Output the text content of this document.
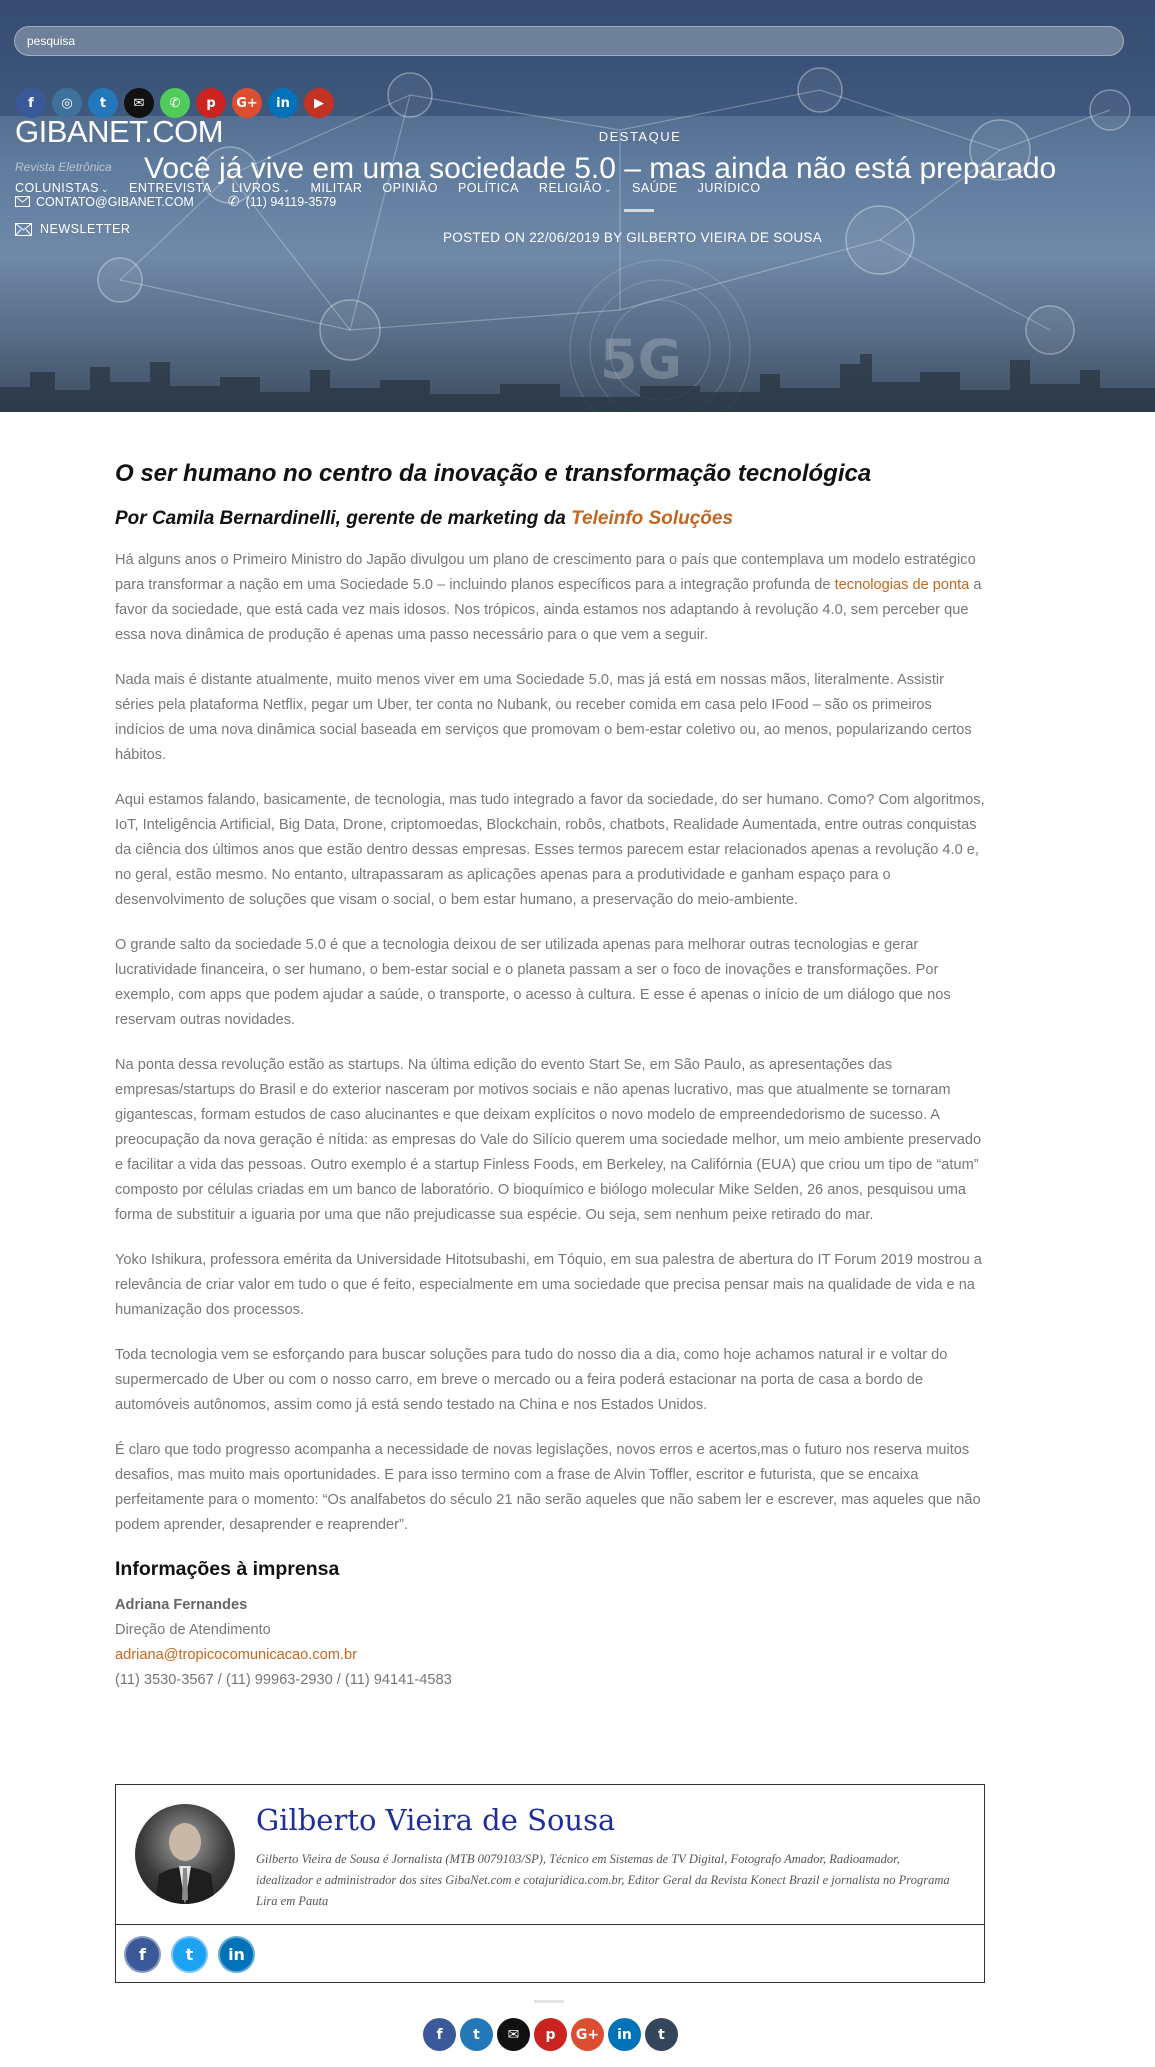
5G
pesquisa
f	◎	t	✉	✆	p	G+	in	▶
GIBANET.COM
Revista Eletrônica
COLUNISTAS ⌄ ENTREVISTA LIVROS ⌄ MILITAR OPINIÃO POLÍTICA RELIGIÃO ⌄ SAÚDE JURÍDICO
CONTATO@GIBANET.COM ✆ (11) 94119-3579
NEWSLETTER
DESTAQUE
Você já vive em uma sociedade 5.0 – mas ainda não está preparado
POSTED ON 22/06/2019 BY GILBERTO VIEIRA DE SOUSA
O ser humano no centro da inovação e transformação tecnológica
Por Camila Bernardinelli, gerente de marketing da Teleinfo Soluções

Há alguns anos o Primeiro Ministro do Japão divulgou um plano de crescimento para o país que contemplava um modelo estratégico para transformar a nação em uma Sociedade 5.0 – incluindo planos específicos para a integração profunda de tecnologias de ponta a favor da sociedade, que está cada vez mais idosos. Nos trópicos, ainda estamos nos adaptando à revolução 4.0, sem perceber que essa nova dinâmica de produção é apenas uma passo necessário para o que vem a seguir.

Nada mais é distante atualmente, muito menos viver em uma Sociedade 5.0, mas já está em nossas mãos, literalmente. Assistir séries pela plataforma Netflix, pegar um Uber, ter conta no Nubank, ou receber comida em casa pelo IFood – são os primeiros indícios de uma nova dinâmica social baseada em serviços que promovam o bem-estar coletivo ou, ao menos, popularizando certos hábitos.

Aqui estamos falando, basicamente, de tecnologia, mas tudo integrado a favor da sociedade, do ser humano. Como? Com algoritmos, IoT, Inteligência Artificial, Big Data, Drone, criptomoedas, Blockchain, robôs, chatbots, Realidade Aumentada, entre outras conquistas da ciência dos últimos anos que estão dentro dessas empresas. Esses termos parecem estar relacionados apenas a revolução 4.0 e, no geral, estão mesmo. No entanto, ultrapassaram as aplicações apenas para a produtividade e ganham espaço para o desenvolvimento de soluções que visam o social, o bem estar humano, a preservação do meio-ambiente.

O grande salto da sociedade 5.0 é que a tecnologia deixou de ser utilizada apenas para melhorar outras tecnologias e gerar lucratividade financeira, o ser humano, o bem-estar social e o planeta passam a ser o foco de inovações e transformações. Por exemplo, com apps que podem ajudar a saúde, o transporte, o acesso à cultura. E esse é apenas o início de um diálogo que nos reservam outras novidades.

Na ponta dessa revolução estão as startups. Na última edição do evento Start Se, em São Paulo, as apresentações das empresas/startups do Brasil e do exterior nasceram por motivos sociais e não apenas lucrativo, mas que atualmente se tornaram gigantescas, formam estudos de caso alucinantes e que deixam explícitos o novo modelo de empreendedorismo de sucesso. A preocupação da nova geração é nítida: as empresas do Vale do Silício querem uma sociedade melhor, um meio ambiente preservado e facilitar a vida das pessoas. Outro exemplo é a startup Finless Foods, em Berkeley, na Califórnia (EUA) que criou um tipo de “atum” composto por células criadas em um banco de laboratório. O bioquímico e biólogo molecular Mike Selden, 26 anos, pesquisou uma forma de substituir a iguaria por uma que não prejudicasse sua espécie. Ou seja, sem nenhum peixe retirado do mar.

Yoko Ishikura, professora emérita da Universidade Hitotsubashi, em Tóquio, em sua palestra de abertura do IT Forum 2019 mostrou a relevância de criar valor em tudo o que é feito, especialmente em uma sociedade que precisa pensar mais na qualidade de vida e na humanização dos processos.

Toda tecnologia vem se esforçando para buscar soluções para tudo do nosso dia a dia, como hoje achamos natural ir e voltar do supermercado de Uber ou com o nosso carro, em breve o mercado ou a feira poderá estacionar na porta de casa a bordo de automóveis autônomos, assim como já está sendo testado na China e nos Estados Unidos.

É claro que todo progresso acompanha a necessidade de novas legislações, novos erros e acertos,mas o futuro nos reserva muitos desafios, mas muito mais oportunidades. E para isso termino com a frase de Alvin Toffler, escritor e futurista, que se encaixa perfeitamente para o momento: “Os analfabetos do século 21 não serão aqueles que não sabem ler e escrever, mas aqueles que não podem aprender, desaprender e reaprender”.

Informações à imprensa
Adriana Fernandes
Direção de Atendimento
adriana@tropicocomunicacao.com.br
(11) 3530-3567 / (11) 99963-2930 / (11) 94141-4583
Gilberto Vieira de Sousa
Gilberto Vieira de Sousa é Jornalista (MTB 0079103/SP), Técnico em Sistemas de TV Digital, Fotografo Amador, Radioamador, idealizador e administrador dos sites GibaNet.com e cotajuridica.com.br, Editor Geral da Revista Konect Brazil e jornalista no Programa Lira em Pauta
f	t	in
f	t	✉	p	G+	in	t
